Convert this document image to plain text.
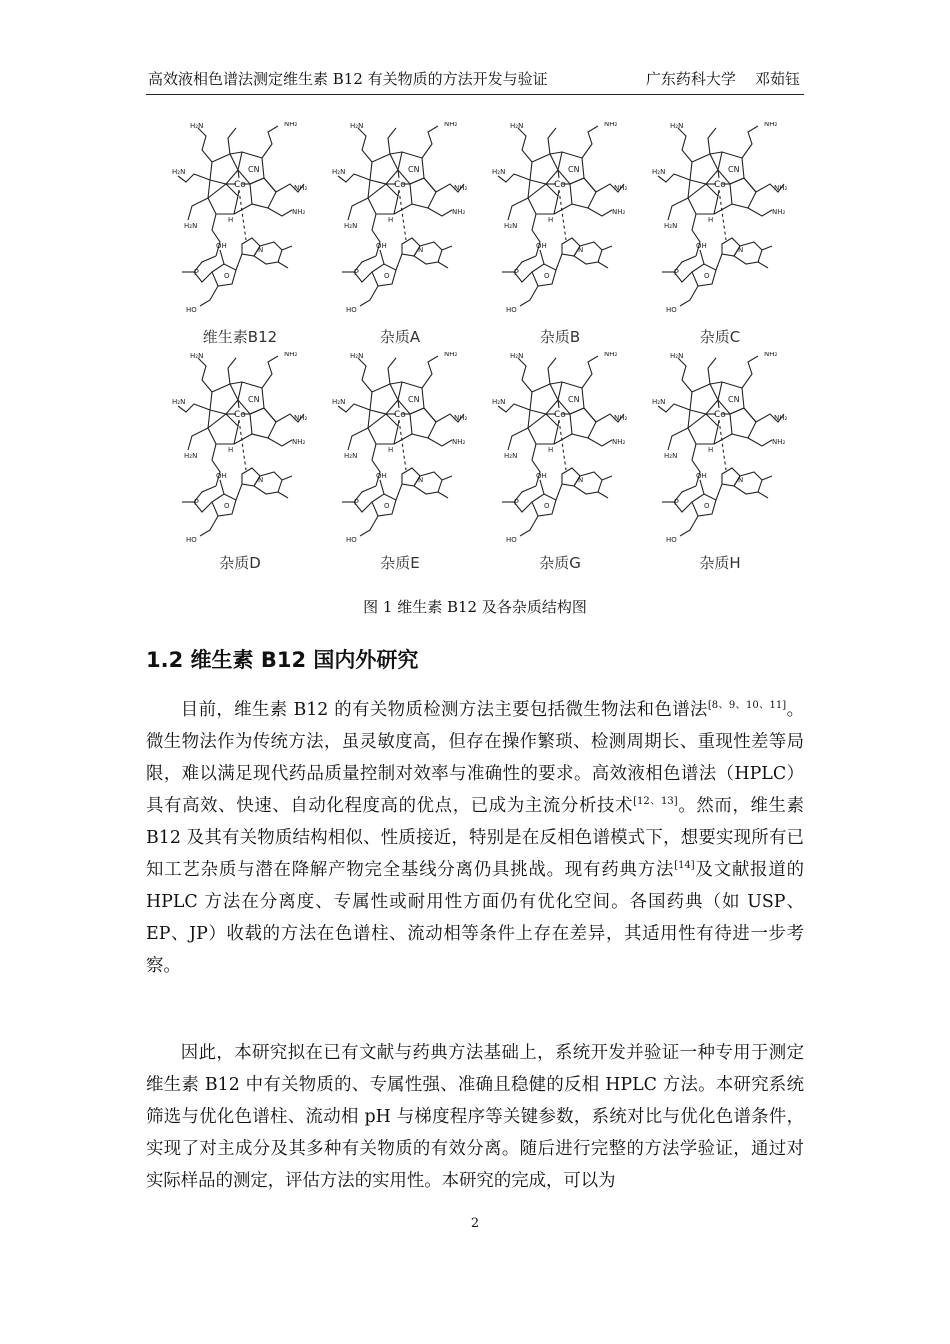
高效液相色谱法测定维生素 B12 有关物质的方法开发与验证	广东药科大学    邓茹钰
Co
CN
H₂N	NH₂
NH₂
H₂N
NH₂
H₂N
N
P	O
OH
HO
H
维生素B12
Co
CN
H₂N	NH₂
NH₂
H₂N
NH₂
H₂N
N
P	O
OH
HO
H
杂质A
Co
CN
H₂N	NH₂
NH₂
H₂N
NH₂
H₂N
N
P	O
OH
HO
H
杂质B
Co
CN
H₂N	NH₂
NH₂
H₂N
NH₂
H₂N
N
P	O
OH
HO
H
杂质C
Co
CN
H₂N	NH₂
NH₂
H₂N
NH₂
H₂N
N
P	O
OH
HO
H
杂质D
Co
CN
H₂N	NH₂
NH₂
H₂N
NH₂
H₂N
N
P	O
OH
HO
H
杂质E
Co
CN
H₂N	NH₂
NH₂
H₂N
NH₂
H₂N
N
P	O
OH
HO
H
杂质G
Co
CN
H₂N	NH₂
NH₂
H₂N
NH₂
H₂N
N
P	O
OH
HO
H
杂质H
图 1 维生素 B12 及各杂质结构图
1.2 维生素 B12 国内外研究

目前，维生素 B12 的有关物质检测方法主要包括微生物法和色谱法[8、9、10、11]。微生物法作为传统方法，虽灵敏度高，但存在操作繁琐、检测周期长、重现性差等局限，难以满足现代药品质量控制对效率与准确性的要求。高效液相色谱法（HPLC）具有高效、快速、自动化程度高的优点，已成为主流分析技术[12、13]。然而，维生素 B12 及其有关物质结构相似、性质接近，特别是在反相色谱模式下，想要实现所有已知工艺杂质与潜在降解产物完全基线分离仍具挑战。现有药典方法[14]及文献报道的 HPLC 方法在分离度、专属性或耐用性方面仍有优化空间。各国药典（如 USP、EP、JP）收载的方法在色谱柱、流动相等条件上存在差异，其适用性有待进一步考察。

因此，本研究拟在已有文献与药典方法基础上，系统开发并验证一种专用于测定维生素 B12 中有关物质的、专属性强、准确且稳健的反相 HPLC 方法。本研究系统筛选与优化色谱柱、流动相 pH 与梯度程序等关键参数，系统对比与优化色谱条件，实现了对主成分及其多种有关物质的有效分离。随后进行完整的方法学验证，通过对实际样品的测定，评估方法的实用性。本研究的完成，可以为

2
